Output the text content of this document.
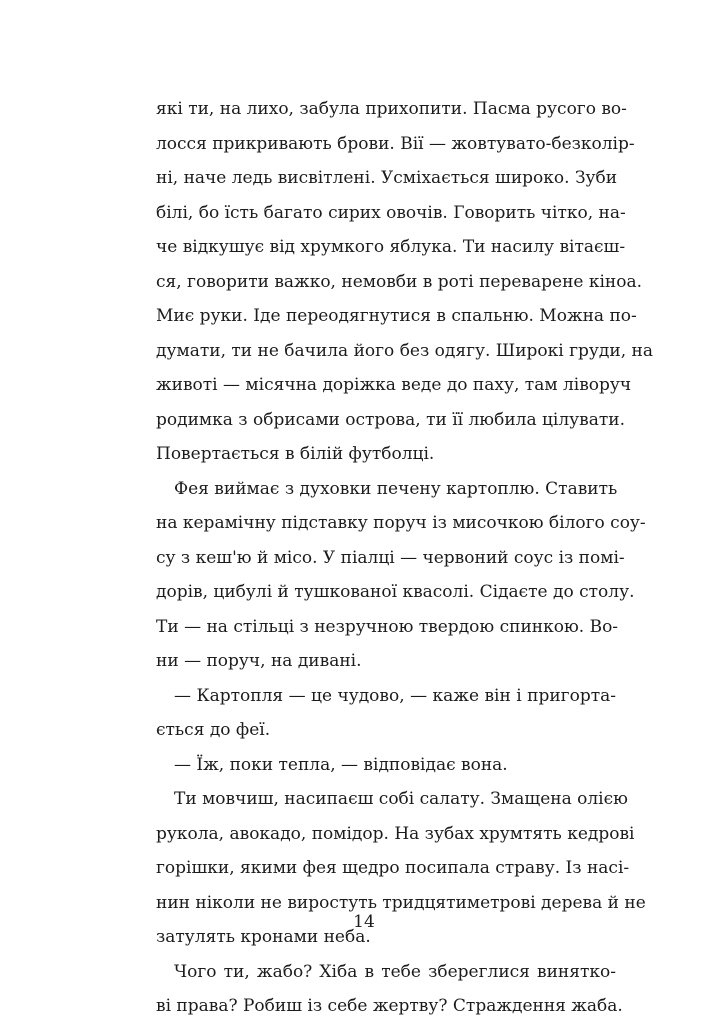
які ти, на лихо, забула прихопити. Пасма русого во-
лосся прикривають брови. Вії — жовтувато-безколір-
ні, наче ледь висвітлені. Усміхається широко. Зуби
білі, бо їсть багато сирих овочів. Говорить чітко, на-
че відкушує від хрумкого яблука. Ти насилу вітаєш-
ся, говорити важко, немовби в роті переварене кіноа.
Миє руки. Іде переодягнутися в спальню. Можна по-
думати, ти не бачила його без одягу. Широкі груди, на
животі — місячна доріжка веде до паху, там ліворуч
родимка з обрисами острова, ти її любила цілувати.
Повертається в білій футболці.
Фея виймає з духовки печену картоплю. Ставить
на керамічну підставку поруч із мисочкою білого соу-
су з кеш'ю й місо. У піалці — червоний соус із помі-
дорів, цибулі й тушкованої квасолі. Сідаєте до столу.
Ти — на стільці з незручною твердою спинкою. Во-
ни — поруч, на дивані.
— Картопля — це чудово, — каже він і пригорта-
ється до феї.
— Їж, поки тепла, — відповідає вона.
Ти мовчиш, насипаєш собі салату. Змащена олією
рукола, авокадо, помідор. На зубах хрумтять кедрові
горішки, якими фея щедро посипала страву. Із насі-
нин ніколи не виростуть тридцятиметрові дерева й не
затулять кронами неба.
Чого ти, жабо? Хіба в тебе збереглися винятко-
ві права? Робиш із себе жертву? Страждення жаба.
14
